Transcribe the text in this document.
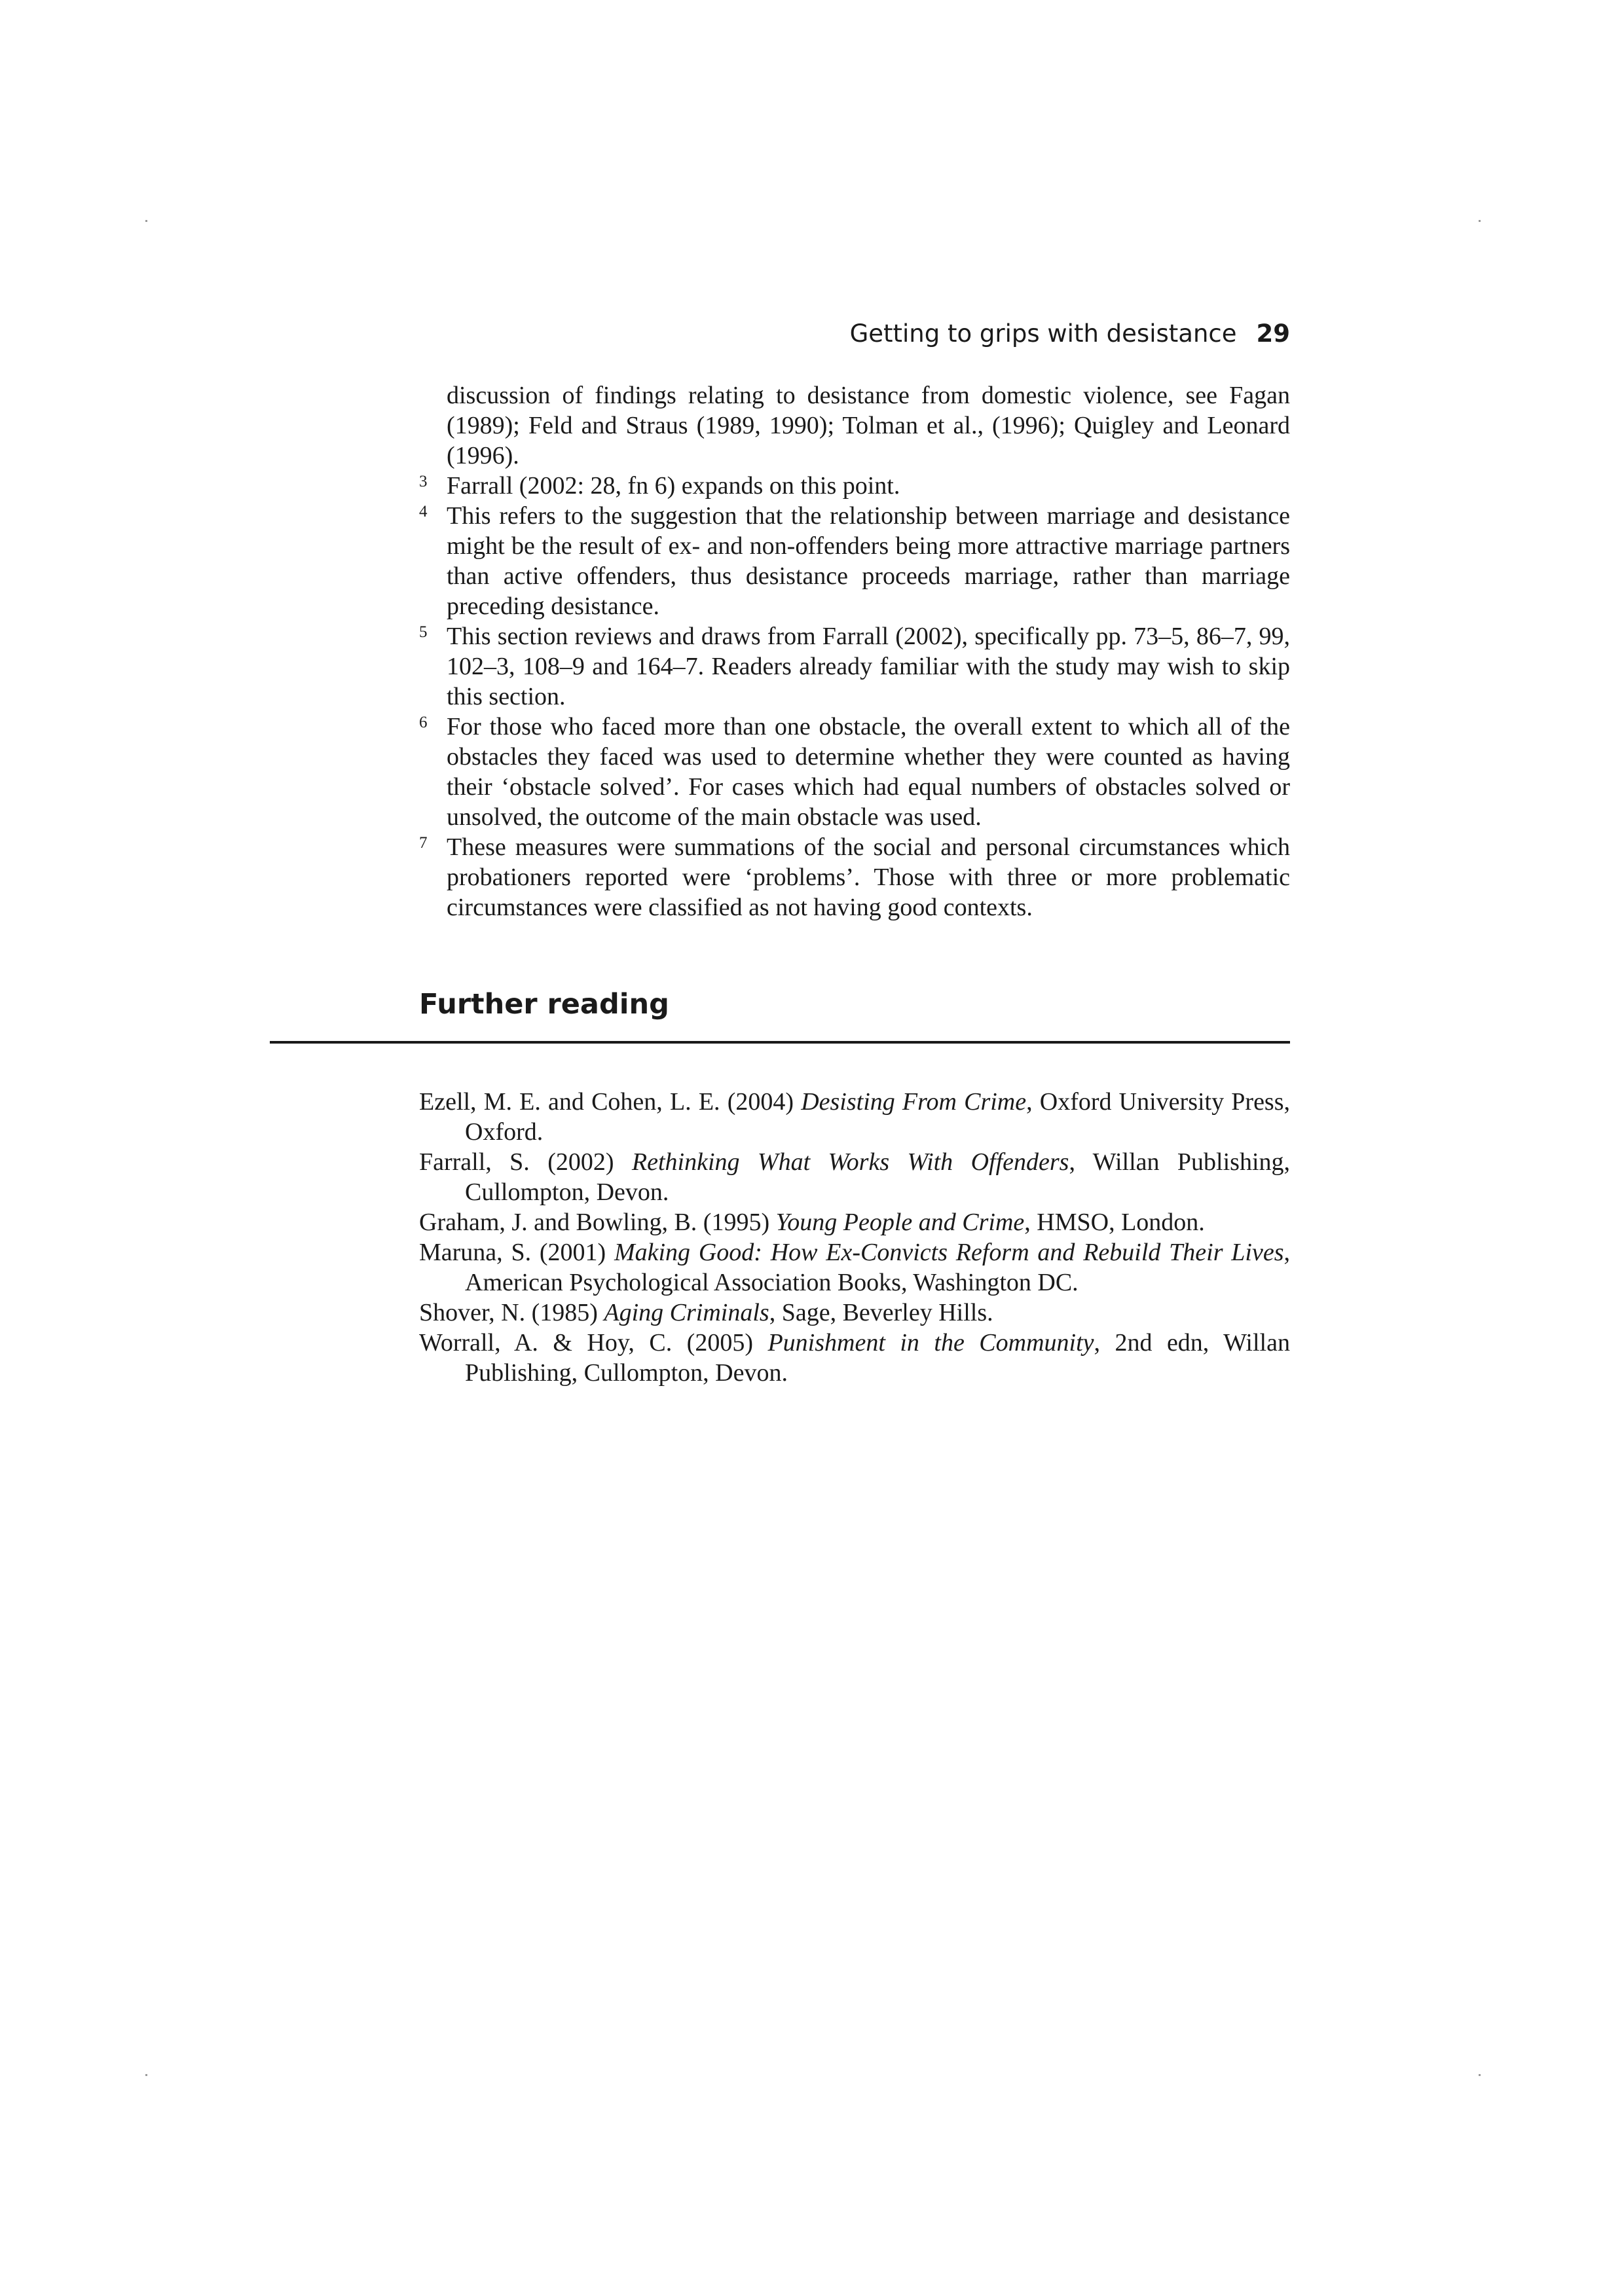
Getting to grips with desistance 29
discussion of findings relating to desistance from domestic violence, see Fagan (1989); Feld and Straus (1989, 1990); Tolman et al., (1996); Quigley and Leonard (1996).
3 Farrall (2002: 28, fn 6) expands on this point.
4 This refers to the suggestion that the relationship between marriage and desistance might be the result of ex- and non-offenders being more attractive marriage partners than active offenders, thus desistance proceeds marriage, rather than marriage preceding desistance.
5 This section reviews and draws from Farrall (2002), specifically pp. 73–5, 86–7, 99, 102–3, 108–9 and 164–7. Readers already familiar with the study may wish to skip this section.
6 For those who faced more than one obstacle, the overall extent to which all of the obstacles they faced was used to determine whether they were counted as having their ‘obstacle solved’. For cases which had equal numbers of obstacles solved or unsolved, the outcome of the main obstacle was used.
7 These measures were summations of the social and personal circumstances which probationers reported were ‘problems’. Those with three or more problematic circumstances were classified as not having good contexts.
Further reading
Ezell, M. E. and Cohen, L. E. (2004) Desisting From Crime, Oxford University Press, Oxford.
Farrall, S. (2002) Rethinking What Works With Offenders, Willan Publishing, Cullompton, Devon.
Graham, J. and Bowling, B. (1995) Young People and Crime, HMSO, London.
Maruna, S. (2001) Making Good: How Ex-Convicts Reform and Rebuild Their Lives, American Psychological Association Books, Washington DC.
Shover, N. (1985) Aging Criminals, Sage, Beverley Hills.
Worrall, A. & Hoy, C. (2005) Punishment in the Community, 2nd edn, Willan Publishing, Cullompton, Devon.
